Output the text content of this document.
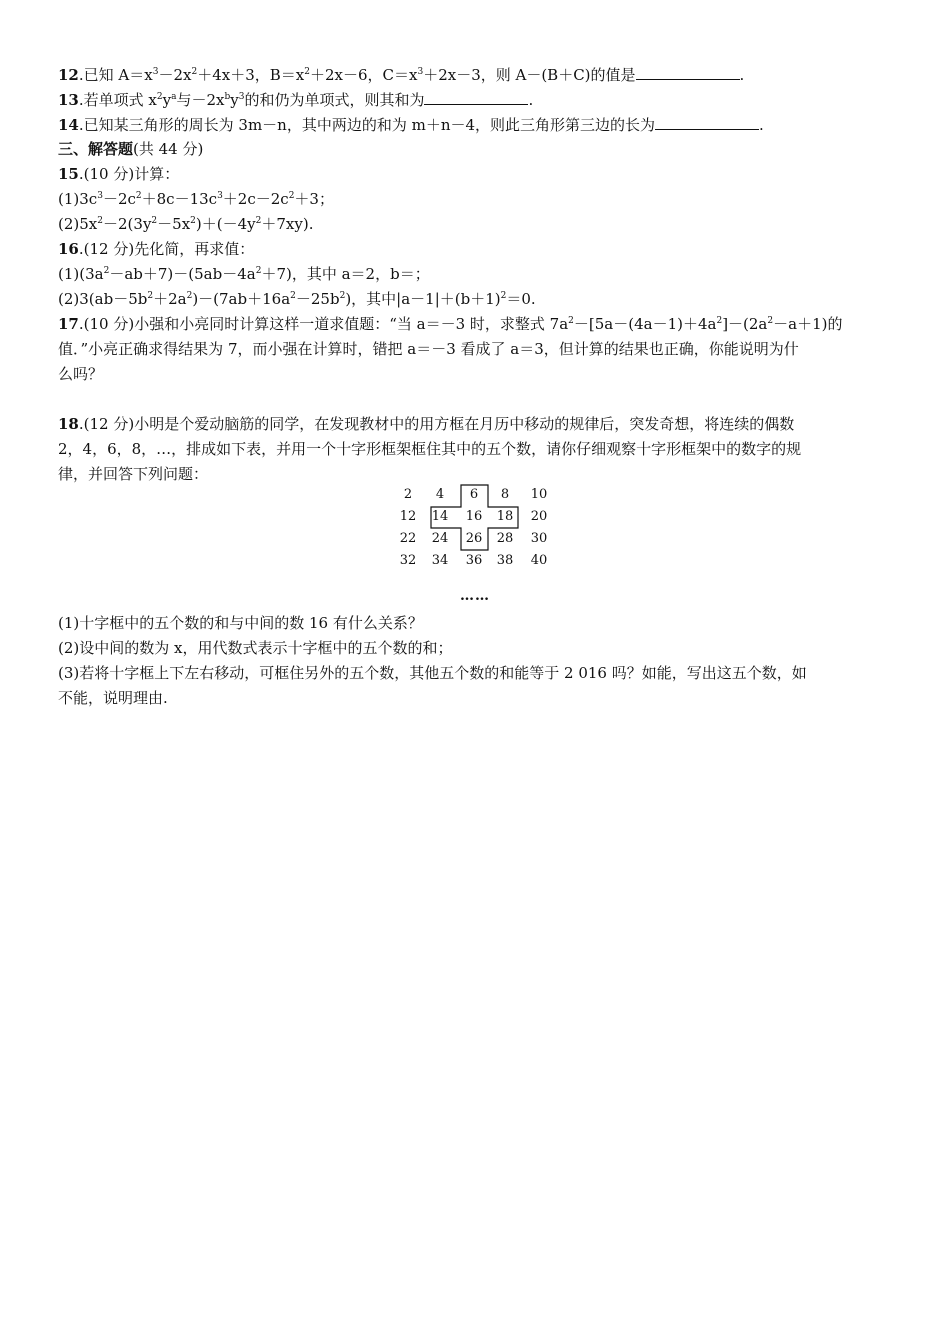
12.已知 $A=x^3-2x^2+4x+3$，$B=x^2+2x-6$，$C=x^3+2x-3$，则 A－(B＋C)的值是	.
13.若单项式 $x^2y^a$与$-2x^by^3$的和仍为单项式，则其和为	.
14.已知某三角形的周长为 3m－n，其中两边的和为 m＋n－4，则此三角形第三边的长为	.
三、解答题(共 44 分)
15.(10 分)计算：
$(1)3c^3-2c^2+8c-13c^3+2c-2c^2+3$；
$(2)5x^2-2(3y^2-5x^2)+(-4y^2+7xy)$.
16.(12 分)先化简，再求值：
$(1)(3a^2-ab+7)-(5ab-4a^2+7)$，其中 a＝2，b＝；
$(2)3(ab-5b^2+2a^2)-(7ab+16a^2-25b^2)$，其中$|a-1|+(b+1)^2=0$.
17.(10 分)小强和小亮同时计算这样一道求值题：“当 a＝－3 时，求整式 $7a^2-[5a-(4a-1)+4a^2]-(2a^2-a+1)$的
值．”小亮正确求得结果为 7，而小强在计算时，错把 a＝－3 看成了 a＝3，但计算的结果也正确，你能说明为什
么吗？
18.(12 分)小明是个爱动脑筋的同学，在发现教材中的用方框在月历中移动的规律后，突发奇想，将连续的偶数
2，4，6，8，…，排成如下表，并用一个十字形框架框住其中的五个数，请你仔细观察十字形框架中的数字的规
律，并回答下列问题：
2	4	6	8	10
12	14	16	18	20
22	24	26	28	30
32	34	36	38	40
……
(1)十字框中的五个数的和与中间的数 16 有什么关系？
(2)设中间的数为 x，用代数式表示十字框中的五个数的和；
(3)若将十字框上下左右移动，可框住另外的五个数，其他五个数的和能等于 2 016 吗？如能，写出这五个数，如
不能，说明理由.
